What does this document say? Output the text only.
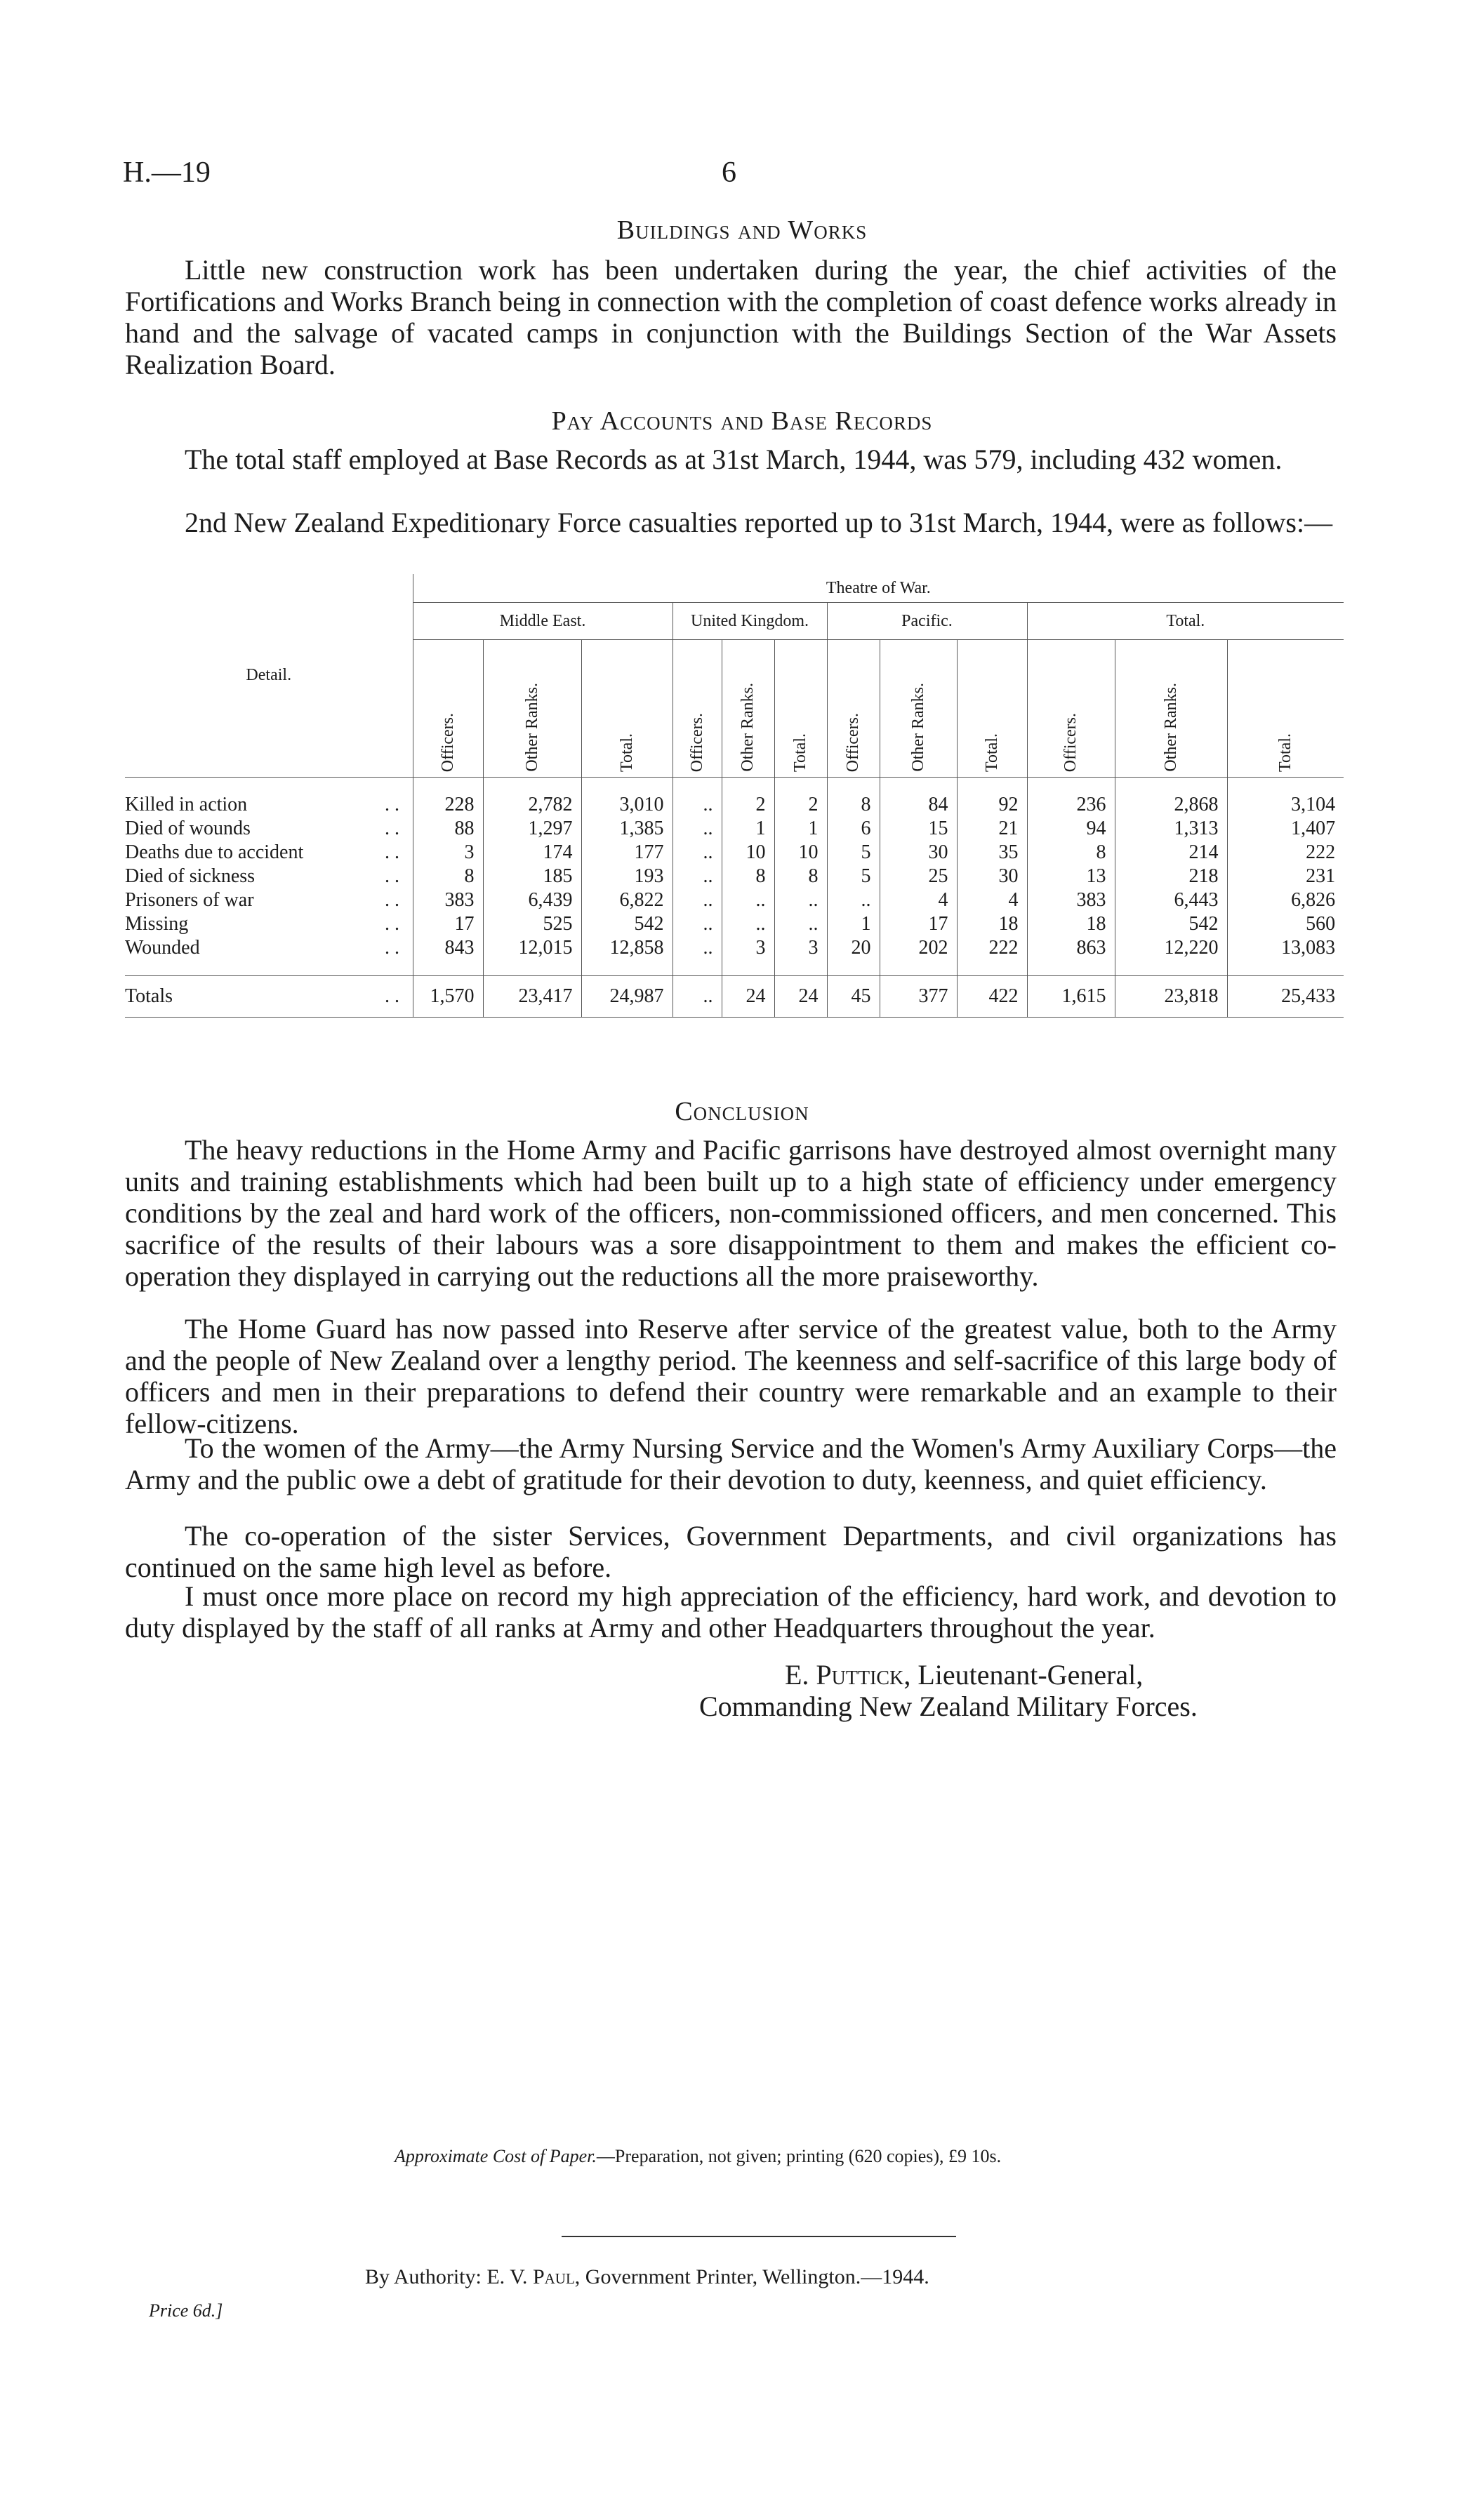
H.—19	6
Buildings and Works

Little new construction work has been undertaken during the year, the chief activities of the Fortifications and Works Branch being in connection with the completion of coast defence works already in hand and the salvage of vacated camps in conjunction with the Buildings Section of the War Assets Realization Board.

Pay Accounts and Base Records

The total staff employed at Base Records as at 31st March, 1944, was 579, including 432 women.

2nd New Zealand Expeditionary Force casualties reported up to 31st March, 1944, were as follows:—

Detail.	Theatre of War.											
	Middle East.			United Kingdom.			Pacific.			Total.		
	Officers.	Other Ranks.	Total.	Officers.	Other Ranks.	Total.	Officers.	Other Ranks.	Total.	Officers.	Other Ranks.	Total.

Killed in action . .	228	2,782	3,010	..	2	2	8	84	92	236	2,868	3,104
Died of wounds . .	88	1,297	1,385	..	1	1	6	15	21	94	1,313	1,407
Deaths due to accident . .	3	174	177	..	10	10	5	30	35	8	214	222
Died of sickness . .	8	185	193	..	8	8	5	25	30	13	218	231
Prisoners of war . .	383	6,439	6,822	..	..	..	..	4	4	383	6,443	6,826
Missing . .	17	525	542	..	..	..	1	17	18	18	542	560
Wounded . .	843	12,015	12,858	..	3	3	20	202	222	863	12,220	13,083

Totals . .	1,570	23,417	24,987	..	24	24	45	377	422	1,615	23,818	25,433
Conclusion

The heavy reductions in the Home Army and Pacific garrisons have destroyed almost overnight many units and training establishments which had been built up to a high state of efficiency under emergency conditions by the zeal and hard work of the officers, non-commissioned officers, and men concerned. This sacrifice of the results of their labours was a sore disappointment to them and makes the efficient co-operation they displayed in carrying out the reductions all the more praiseworthy.

The Home Guard has now passed into Reserve after service of the greatest value, both to the Army and the people of New Zealand over a lengthy period. The keenness and self-sacrifice of this large body of officers and men in their preparations to defend their country were remarkable and an example to their fellow-citizens.

To the women of the Army—the Army Nursing Service and the Women's Army Auxiliary Corps—the Army and the public owe a debt of gratitude for their devotion to duty, keenness, and quiet efficiency.

The co-operation of the sister Services, Government Departments, and civil organizations has continued on the same high level as before.

I must once more place on record my high appreciation of the efficiency, hard work, and devotion to duty displayed by the staff of all ranks at Army and other Headquarters throughout the year.

E. Puttick, Lieutenant-General,
Commanding New Zealand Military Forces.
Approximate Cost of Paper.—Preparation, not given; printing (620 copies), £9 10s.
By Authority: E. V. Paul, Government Printer, Wellington.—1944.
Price 6d.]
